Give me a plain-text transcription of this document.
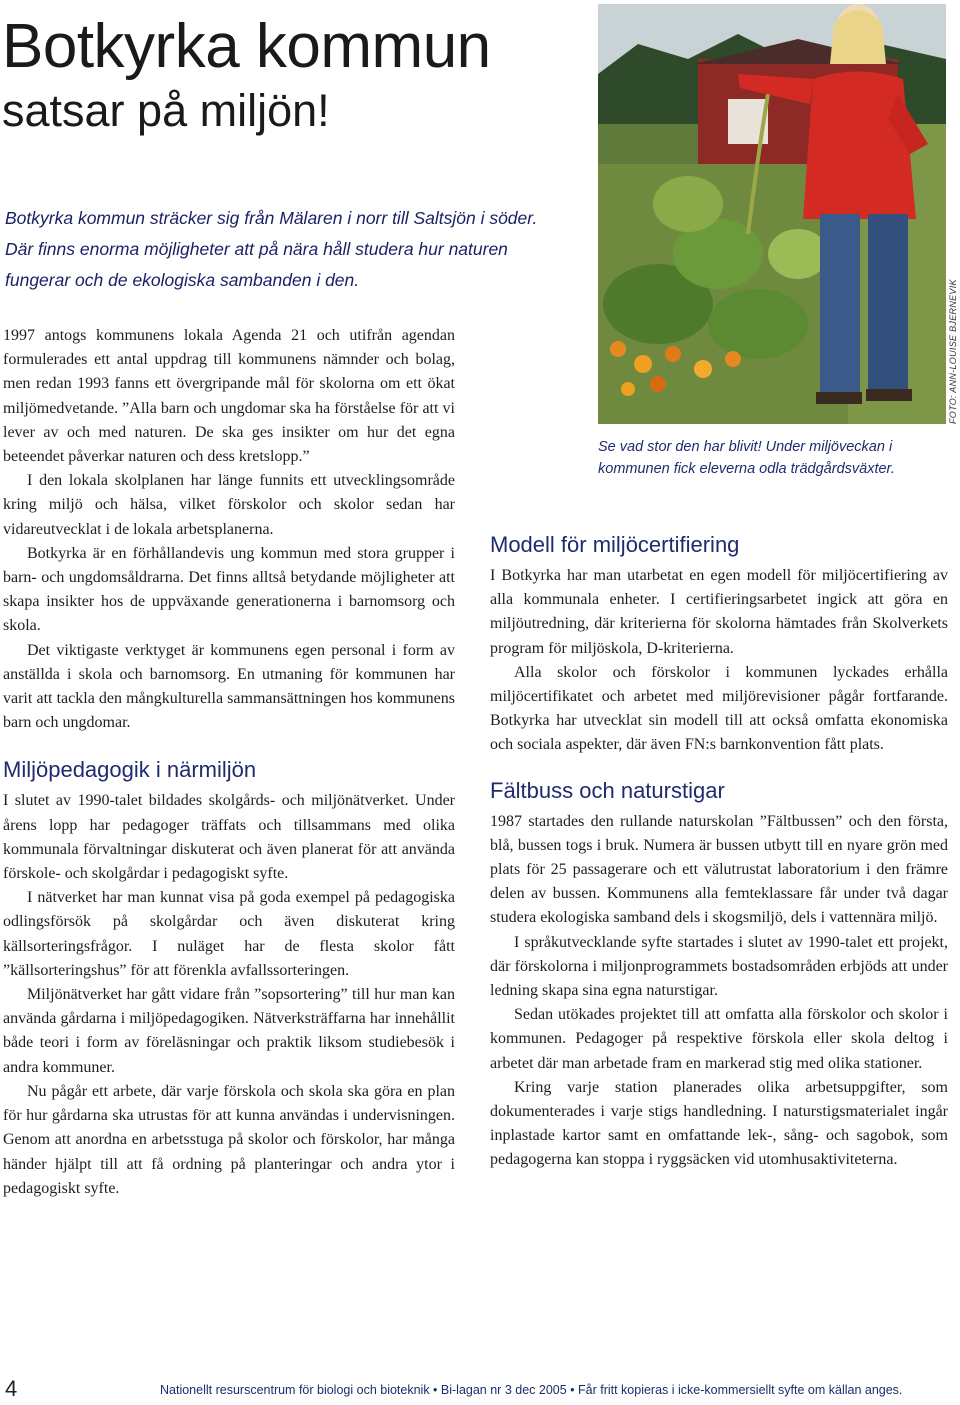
Botkyrka kommun
satsar på miljön!
Botkyrka kommun sträcker sig från Mälaren i norr till Saltsjön i söder. Där finns enorma möjligheter att på nära håll studera hur naturen fungerar och de ekologiska sambanden i den.

1997 antogs kommunens lokala Agenda 21 och utifrån agendan formulerades ett antal uppdrag till kommunens nämnder och bolag, men redan 1993 fanns ett övergripande mål för skolorna om ett ökat miljömedvetande. ”Alla barn och ungdomar ska ha förståelse för att vi lever av och med naturen. De ska ges insikter om hur det egna beteendet påverkar naturen och dess kretslopp.”

I den lokala skolplanen har länge funnits ett utvecklingsområde kring miljö och hälsa, vilket förskolor och skolor sedan har vidareutvecklat i de lokala arbetsplanerna.

Botkyrka är en förhållandevis ung kommun med stora grupper i barn- och ungdomsåldrarna. Det finns alltså betydande möjligheter att skapa insikter hos de uppväxande generationerna i barnomsorg och skola.

Det viktigaste verktyget är kommunens egen personal i form av anställda i skola och barnomsorg. En utmaning för kommunen har varit att tackla den mångkulturella sammansättningen hos kommunens barn och ungdomar.

Miljöpedagogik i närmiljön

I slutet av 1990-talet bildades skolgårds- och miljönätverket. Under årens lopp har pedagoger träffats och tillsammans med olika kommunala förvaltningar diskuterat och även planerat för att använda förskole- och skolgårdar i pedagogiskt syfte.

I nätverket har man kunnat visa på goda exempel på pedagogiska odlingsförsök på skolgårdar och även diskuterat kring källsorteringsfrågor. I nuläget har de flesta skolor fått ”källsorteringshus” för att förenkla avfallssorteringen.

Miljönätverket har gått vidare från ”sopsortering” till hur man kan använda gårdarna i miljöpedagogiken. Nätverksträffarna har innehållit både teori i form av föreläsningar och praktik liksom studiebesök i andra kommuner.

Nu pågår ett arbete, där varje förskola och skola ska göra en plan för hur gårdarna ska utrustas för att kunna användas i undervisningen. Genom att anordna en arbetsstuga på skolor och förskolor, har många händer hjälpt till att få ordning på planteringar och andra ytor i pedagogiskt syfte.

FOTO: ANN-LOUISE BJERNEVIK
Se vad stor den har blivit! Under miljöveckan i kommunen fick eleverna odla trädgårdsväxter.
Modell för miljöcertifiering

I Botkyrka har man utarbetat en egen modell för miljöcertifiering av alla kommunala enheter. I certifieringsarbetet ingick att göra en miljöutredning, där kriterierna för skolorna hämtades från Skolverkets program för miljöskola, D-kriterierna.

Alla skolor och förskolor i kommunen lyckades erhålla miljöcertifikatet och arbetet med miljörevisioner pågår fortfarande. Botkyrka har utvecklat sin modell till att också omfatta ekonomiska och sociala aspekter, där även FN:s barnkonvention fått plats.

Fältbuss och naturstigar

1987 startades den rullande naturskolan ”Fältbussen” och den första, blå, bussen togs i bruk. Numera är bussen utbytt till en nyare grön med plats för 25 passagerare och ett välutrustat laboratorium i den främre delen av bussen. Kommunens alla femteklassare får under två dagar studera ekologiska samband dels i skogsmiljö, dels i vattennära miljö.

I språkutvecklande syfte startades i slutet av 1990-talet ett projekt, där förskolorna i miljonprogrammets bostadsområden erbjöds att under ledning skapa sina egna naturstigar.

Sedan utökades projektet till att omfatta alla förskolor och skolor i kommunen. Pedagoger på respektive förskola eller skola deltog i arbetet där man arbetade fram en markerad stig med olika stationer.

Kring varje station planerades olika arbetsuppgifter, som dokumenterades i varje stigs handledning. I naturstigsmaterialet ingår inplastade kartor samt en omfattande lek-, sång- och sagobok, som pedagogerna kan stoppa i ryggsäcken vid utomhusaktiviteterna.

4	Nationellt resurscentrum för biologi och bioteknik • Bi-lagan nr 3 dec 2005 • Får fritt kopieras i icke-kommersiellt syfte om källan anges.
